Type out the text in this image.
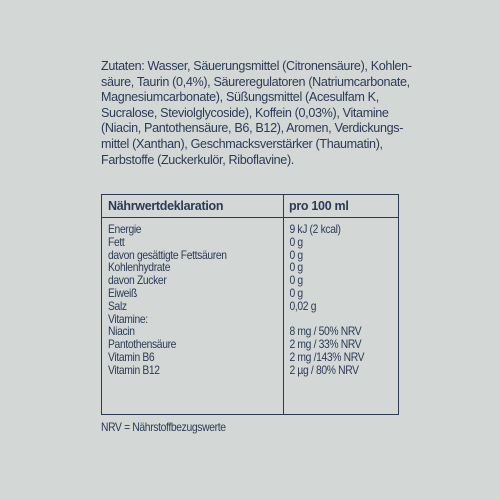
Zutaten: Wasser, Säuerungsmittel (Citronensäure), Kohlen-
säure, Taurin (0,4%), Säureregulatoren (Natriumcarbonate,
Magnesiumcarbonate), Süßungsmittel (Acesulfam K,
Sucralose, Steviolglycoside), Koffein (0,03%), Vitamine
(Niacin, Pantothensäure, B6, B12), Aromen, Verdickungs-
mittel (Xanthan), Geschmacksverstärker (Thaumatin),
Farbstoffe (Zuckerkulör, Riboflavine).
Nährwertdeklaration	pro 100 ml
Energie	9 kJ (2 kcal)
Fett	0 g
davon gesättigte Fettsäuren	0 g
Kohlenhydrate	0 g
davon Zucker	0 g
Eiweiß	0 g
Salz	0,02 g
Vitamine:
Niacin	8 mg / 50% NRV
Pantothensäure	2 mg / 33% NRV
Vitamin B6	2 mg /143% NRV
Vitamin B12	2 µg / 80% NRV
NRV = Nährstoffbezugswerte
